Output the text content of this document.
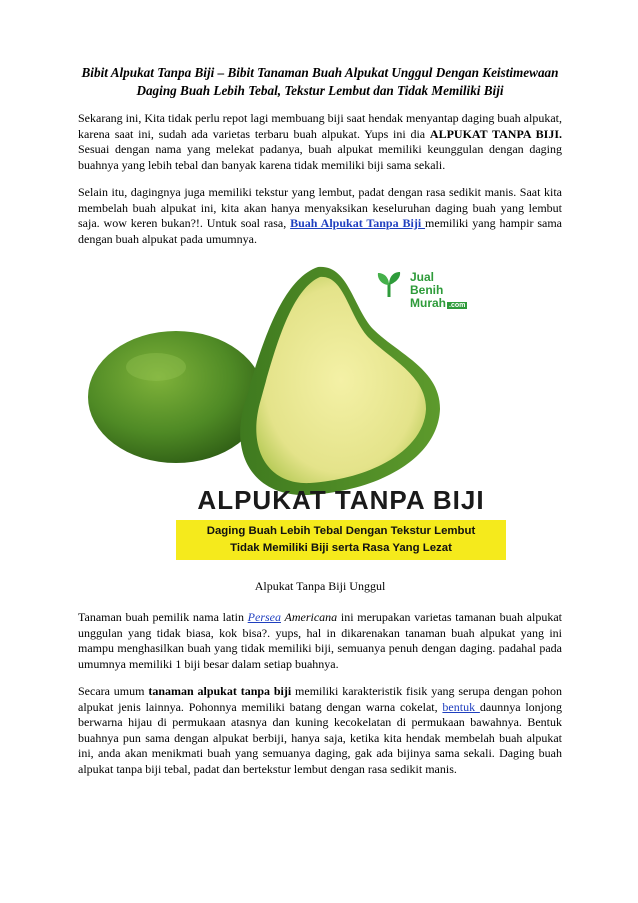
Bibit Alpukat Tanpa Biji – Bibit Tanaman Buah Alpukat Unggul Dengan Keistimewaan Daging Buah Lebih Tebal, Tekstur Lembut dan Tidak Memiliki Biji

Sekarang ini, Kita tidak perlu repot lagi membuang biji saat hendak menyantap daging buah alpukat, karena saat ini, sudah ada varietas terbaru buah alpukat. Yups ini dia ALPUKAT TANPA BIJI. Sesuai dengan nama yang melekat padanya, buah alpukat memiliki keunggulan dengan daging buahnya yang lebih tebal dan banyak karena tidak memiliki biji sama sekali.

Selain itu, dagingnya juga memiliki tekstur yang lembut, padat dengan rasa sedikit manis. Saat kita membelah buah alpukat ini, kita akan hanya menyaksikan keseluruhan daging buah yang lembut saja. wow keren bukan?!. Untuk soal rasa, Buah Alpukat Tanpa Biji memiliki yang hampir sama dengan buah alpukat pada umumnya.

Jual Benih
Murah .com
ALPUKAT TANPA BIJI
Daging Buah Lebih Tebal Dengan Tekstur Lembut
Tidak Memiliki Biji serta Rasa Yang Lezat
Alpukat Tanpa Biji Unggul

Tanaman buah pemilik nama latin Persea Americana ini merupakan varietas tamanan buah alpukat unggulan yang tidak biasa, kok bisa?. yups, hal in dikarenakan tanaman buah alpukat yang ini mampu menghasilkan buah yang tidak memiliki biji, semuanya penuh dengan daging. padahal pada umumnya memiliki 1 biji besar dalam setiap buahnya.

Secara umum tanaman alpukat tanpa biji memiliki karakteristik fisik yang serupa dengan pohon alpukat jenis lainnya. Pohonnya memiliki batang dengan warna cokelat, bentuk daunnya lonjong berwarna hijau di permukaan atasnya dan kuning kecokelatan di permukaan bawahnya. Bentuk buahnya pun sama dengan alpukat berbiji, hanya saja, ketika kita hendak membelah buah alpukat ini, anda akan menikmati buah yang semuanya daging, gak ada bijinya sama sekali. Daging buah alpukat tanpa biji tebal, padat dan bertekstur lembut dengan rasa sedikit manis.
